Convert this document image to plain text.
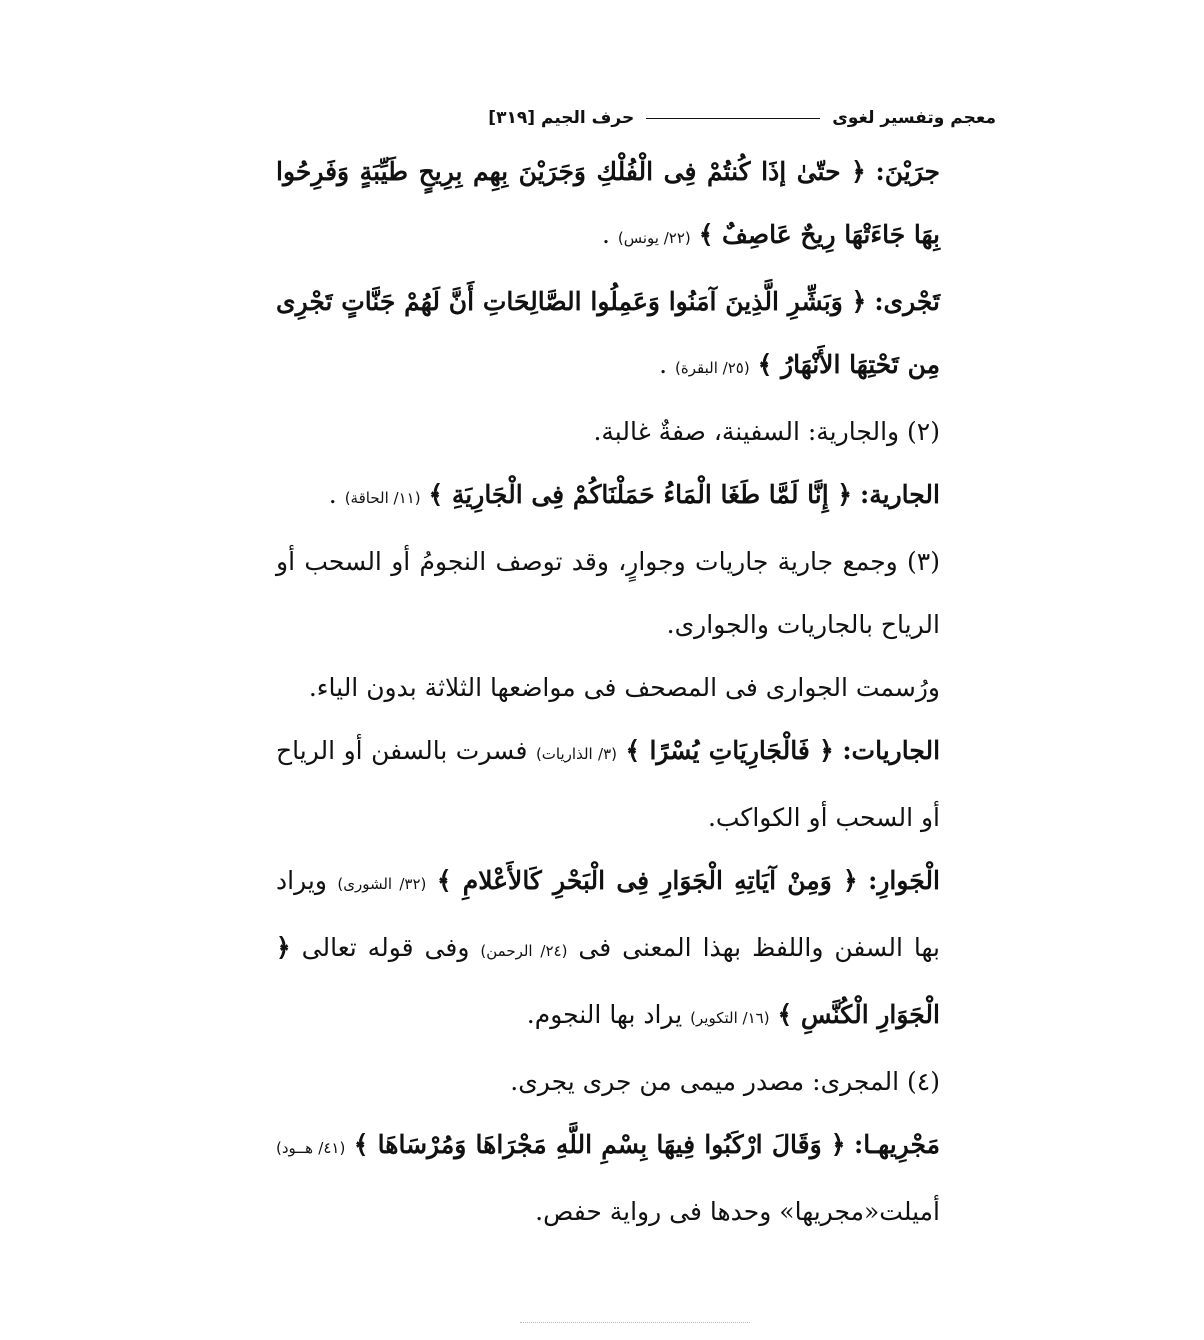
معجم وتفسير لغوى
حرف الجيم
[٣١٩]

جرَيْنَ: ﴿ حتّىٰ إذَا كُنتُمْ فِى الْفُلْكِ وَجَرَيْنَ بِهِم بِرِيحٍ طَيِّبَةٍ وَفَرِحُوا بِهَا جَاءَتْهَا رِيحٌ عَاصِفٌ ﴾ (٢٢/ يونس) .

تَجْرى: ﴿ وَبَشِّرِ الَّذِينَ آمَنُوا وَعَمِلُوا الصَّالِحَاتِ أَنَّ لَهُمْ جَنَّاتٍ تَجْرِى مِن تَحْتِهَا الأَنْهَارُ ﴾ (٢٥/ البقرة) .

(٢) والجارية: السفينة، صفةٌ غالبة.

الجارية: ﴿ إِنَّا لَمَّا طَغَا الْمَاءُ حَمَلْنَاكُمْ فِى الْجَارِيَةِ ﴾ (١١/ الحاقة) .

(٣) وجمع جارية جاريات وجوارٍ، وقد توصف النجومُ أو السحب أو الرياح بالجاريات والجوارى.

ورُسمت الجوارى فى المصحف فى مواضعها الثلاثة بدون الياء.

الجاريات: ﴿ فَالْجَارِيَاتِ يُسْرًا ﴾ (٣/ الذاريات) فسرت بالسفن أو الرياح أو السحب أو الكواكب.

الْجَوارِ: ﴿ وَمِنْ آيَاتِهِ الْجَوَارِ فِى الْبَحْرِ كَالأَعْلامِ ﴾ (٣٢/ الشورى) ويراد بها السفن واللفظ بهذا المعنى فى (٢٤/ الرحمن) وفى قوله تعالى ﴿ الْجَوَارِ الْكُنَّسِ ﴾ (١٦/ التكوير) يراد بها النجوم.

(٤) المجرى: مصدر ميمى من جرى يجرى.

مَجْرِيهـا: ﴿ وَقَالَ ارْكَبُوا فِيهَا بِسْمِ اللَّهِ مَجْرَاهَا وَمُرْسَاهَا ﴾ (٤١/ هــود) أميلت«مجريها» وحدها فى رواية حفص.
